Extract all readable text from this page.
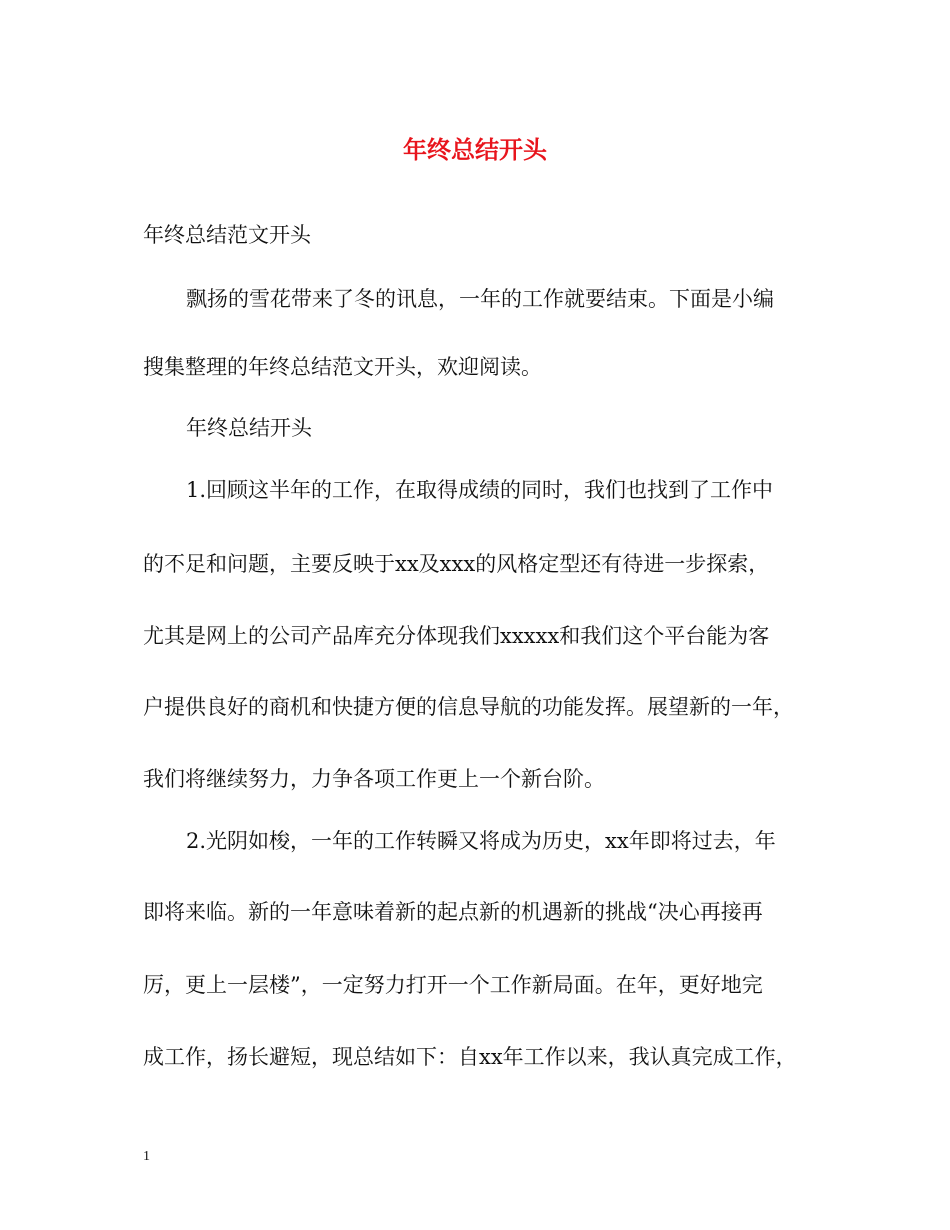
年终总结开头
年终总结范文开头
飘扬的雪花带来了冬的讯息，一年的工作就要结束。下面是小编
搜集整理的年终总结范文开头，欢迎阅读。
年终总结开头
1.回顾这半年的工作，在取得成绩的同时，我们也找到了工作中
的不足和问题，主要反映于xx及xxx的风格定型还有待进一步探索，
尤其是网上的公司产品库充分体现我们xxxxx和我们这个平台能为客
户提供良好的商机和快捷方便的信息导航的功能发挥。展望新的一年，
我们将继续努力，力争各项工作更上一个新台阶。
2.光阴如梭，一年的工作转瞬又将成为历史，xx年即将过去，年
即将来临。新的一年意味着新的起点新的机遇新的挑战“决心再接再
厉，更上一层楼”，一定努力打开一个工作新局面。在年，更好地完
成工作，扬长避短，现总结如下：自xx年工作以来，我认真完成工作，
1
